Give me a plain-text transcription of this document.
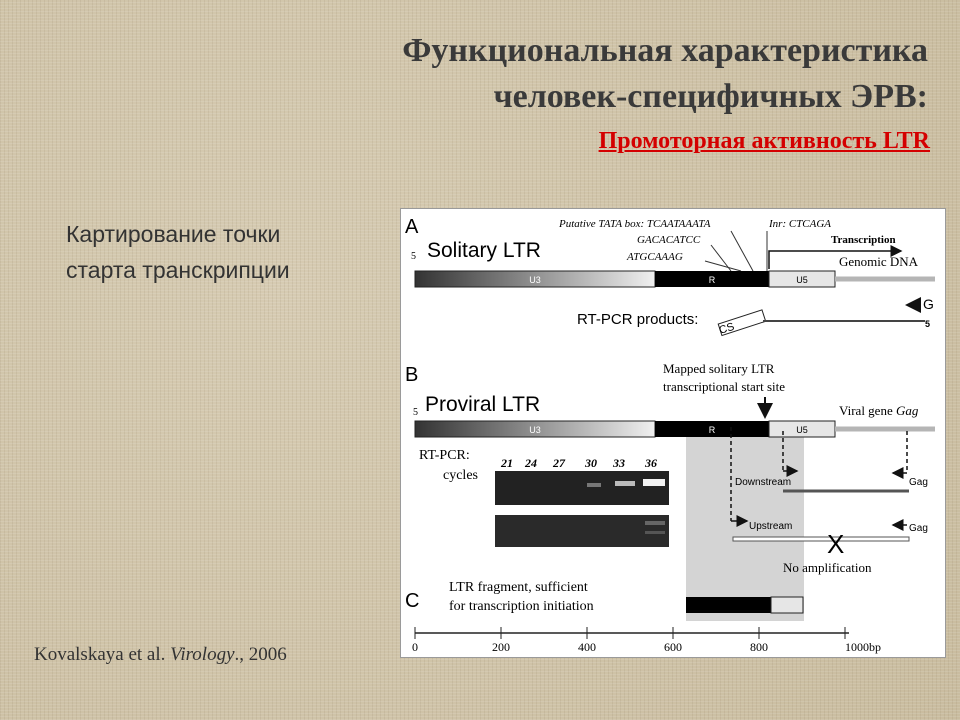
Функциональная характеристика
человек-специфичных ЭРВ:
Промоторная активность LTR
Картирование точки старта транскрипции
Kovalskaya et al. Virology., 2006
A
5 Solitary LTR
Putative TATA box: TCAATAAATA	Inr: CTCAGA
GACACATCC
ATGCAAAG
Transcription
Genomic DNA
U3	R	U5
RT-PCR products:
CS
G
5
B
5 Proviral LTR
Mapped solitary LTR
transcriptional start site
Viral gene Gag
U3	R	U5
RT-PCR:
cycles
21 24 27 30 33 36
Downstream	Gag
Upstream	Gag
X
No amplification
C
LTR fragment, sufficient
for transcription initiation
0	200	400	600	800	1000bp
